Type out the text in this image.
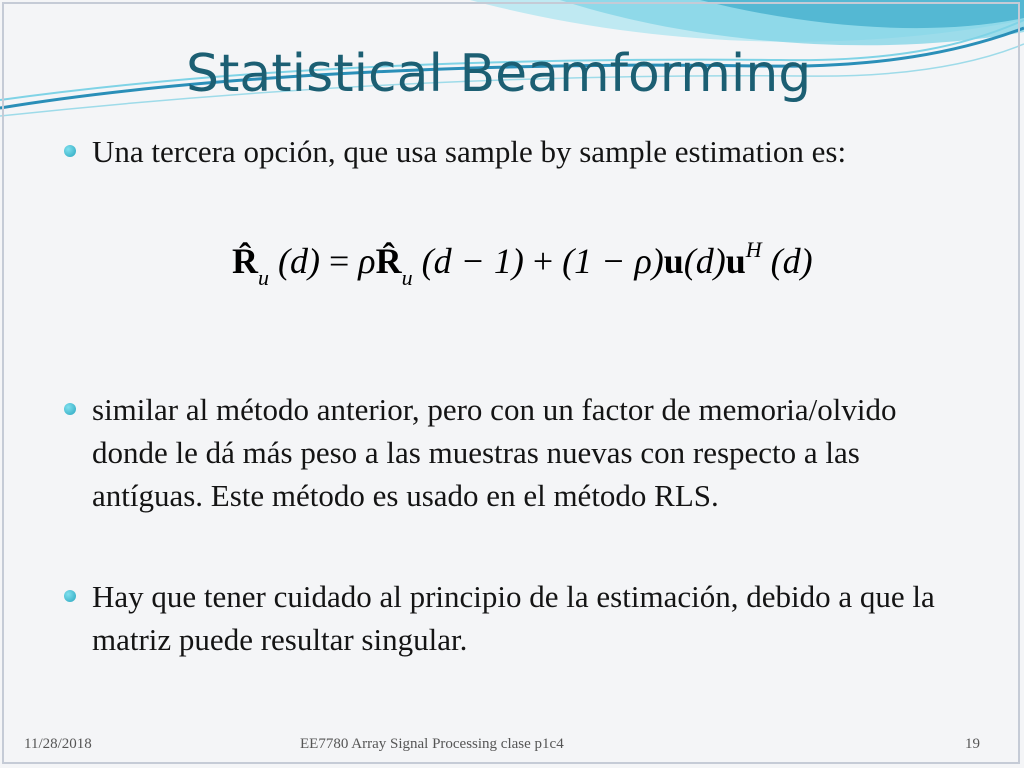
Statistical Beamforming
Una tercera opción, que usa sample by sample estimation es:
$R̂_u$ $(d) = \rho R̂_u$ $(d - 1) + (1 - \rho)u(d)u^H$ (d)
similar al método anterior, pero con un factor de memoria/olvido donde le dá más peso a las muestras nuevas con respecto a las antíguas. Este método es usado en el método RLS.
Hay que tener cuidado al principio de la estimación, debido a que la matriz puede resultar singular.
11/28/2018	EE7780 Array Signal Processing clase p1c4	19
